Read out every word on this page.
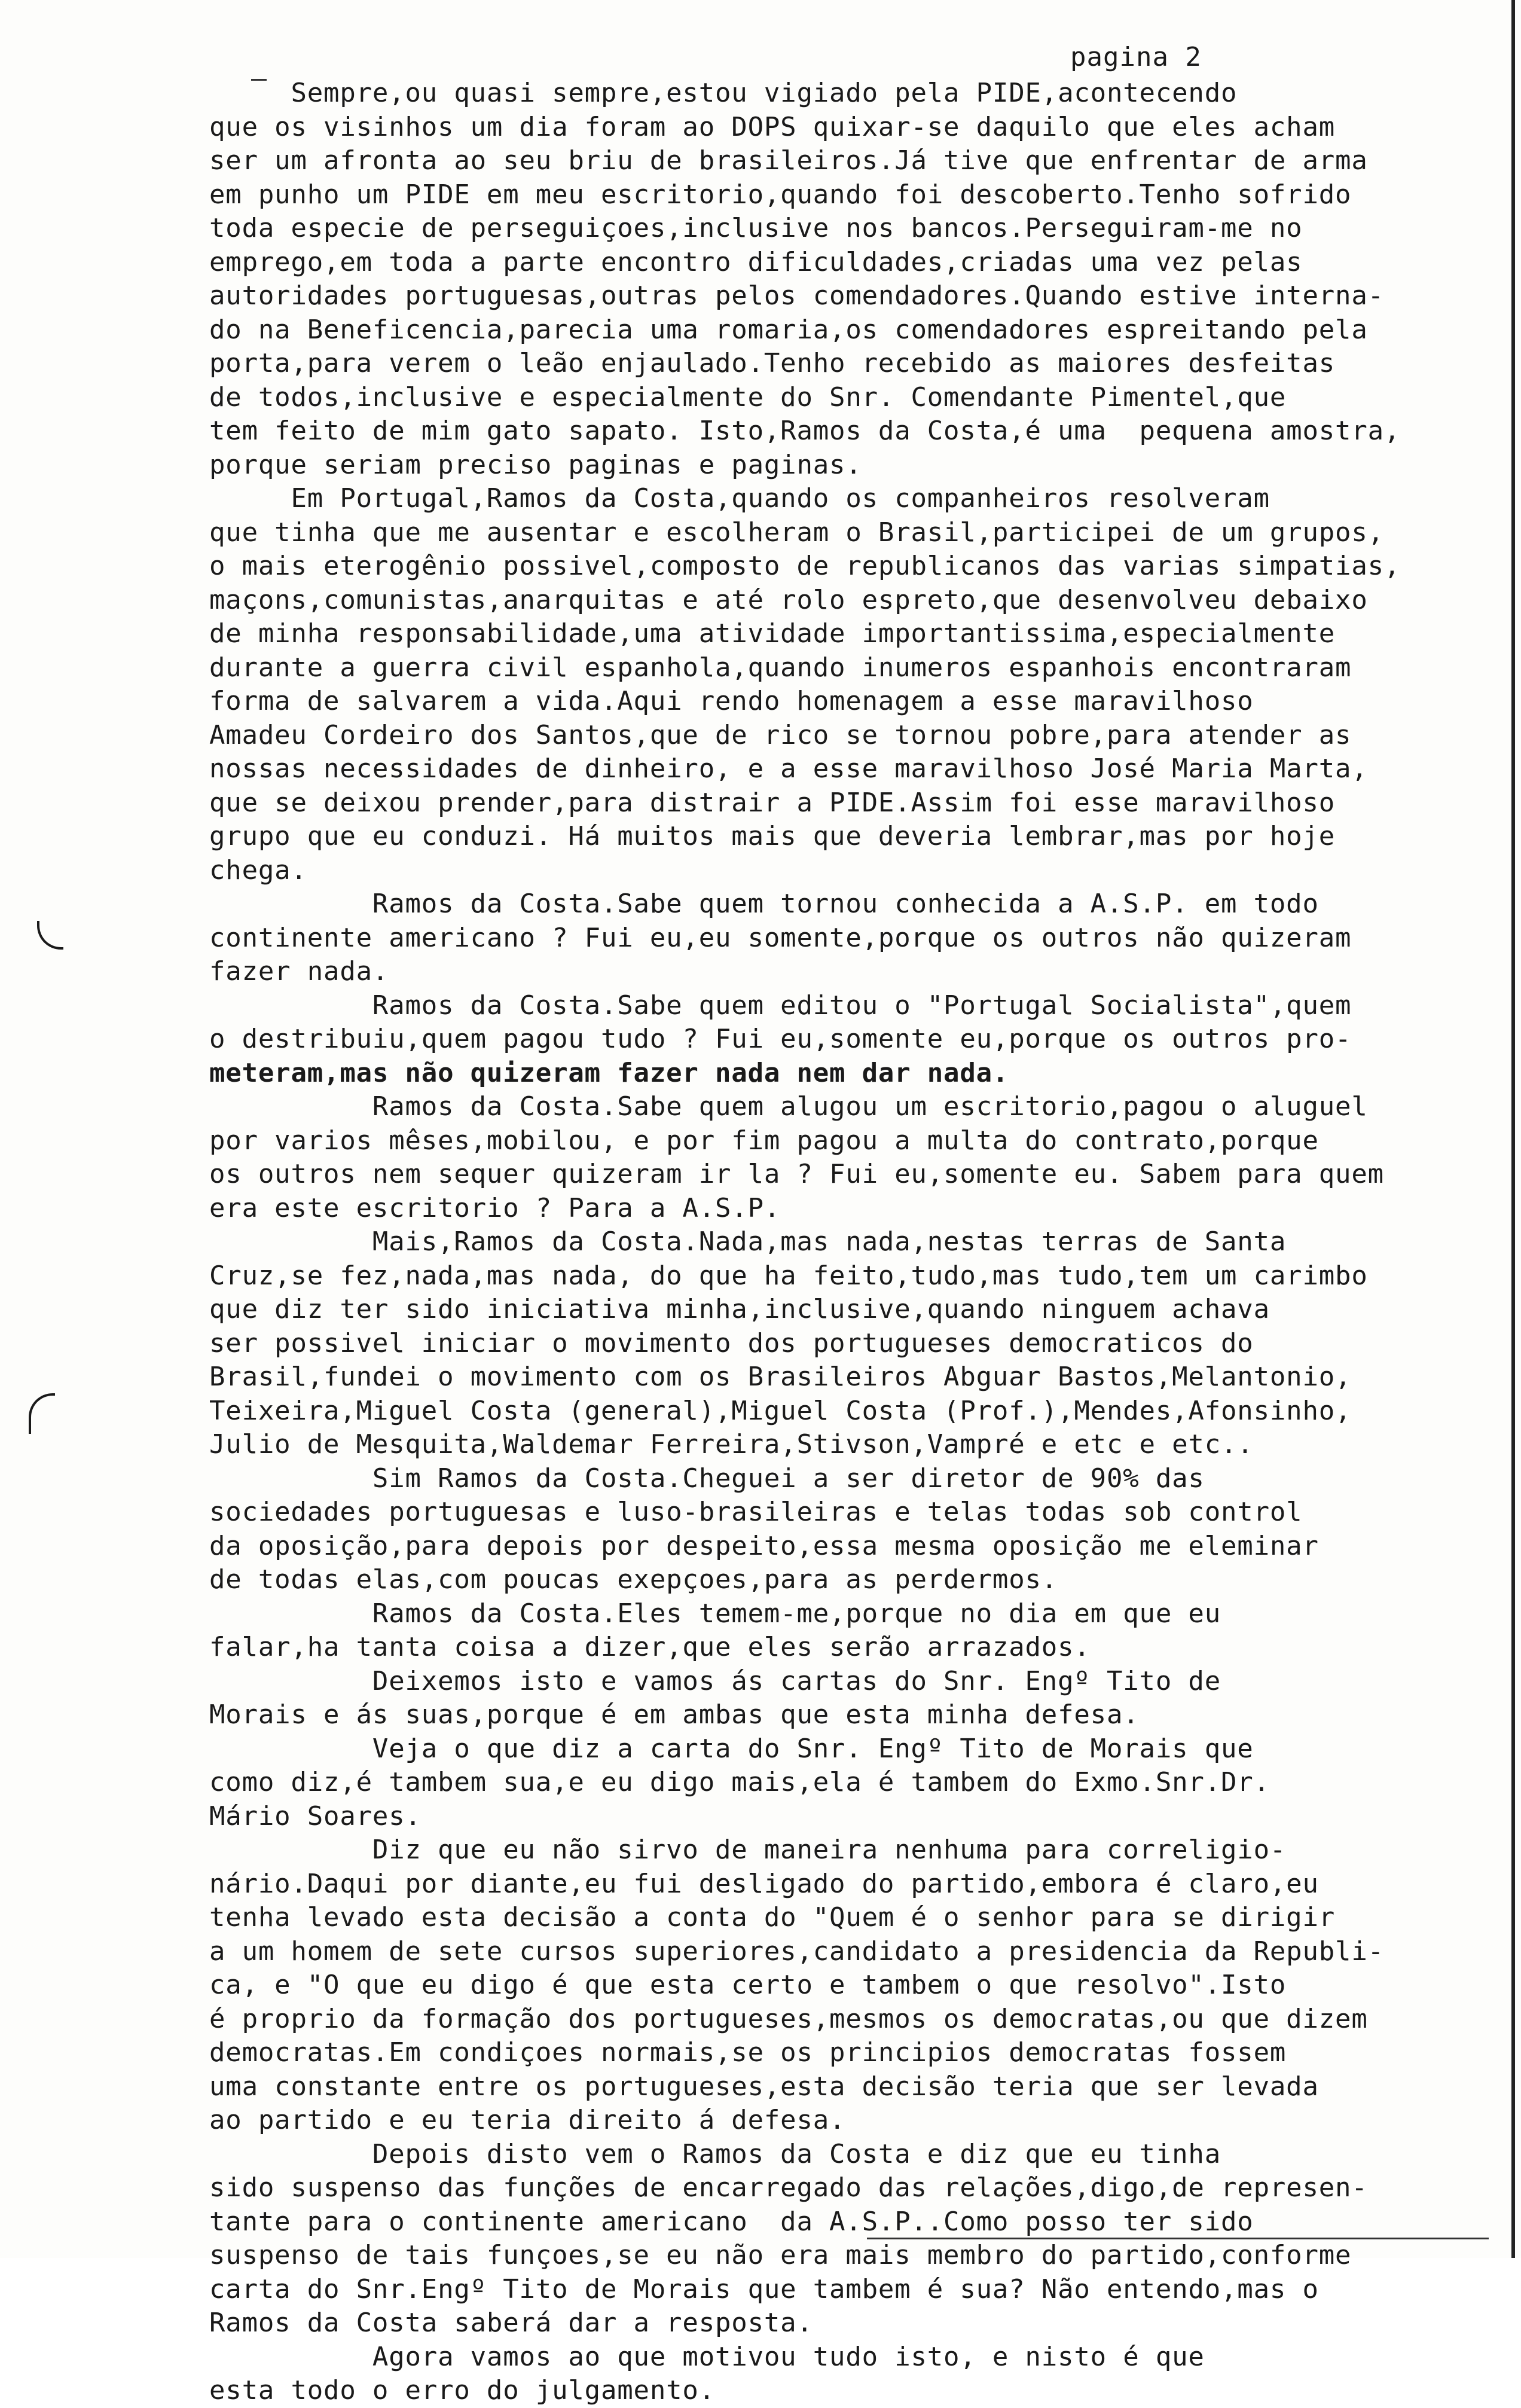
pagina 2
Sempre,ou quasi sempre,estou vigiado pela PIDE,acontecendo
que os visinhos um dia foram ao DOPS quixar-se daquilo que eles acham
ser um afronta ao seu briu de brasileiros.Já tive que enfrentar de arma
em punho um PIDE em meu escritorio,quando foi descoberto.Tenho sofrido
toda especie de perseguiçoes,inclusive nos bancos.Perseguiram-me no
emprego,em toda a parte encontro dificuldades,criadas uma vez pelas
autoridades portuguesas,outras pelos comendadores.Quando estive interna-
do na Beneficencia,parecia uma romaria,os comendadores espreitando pela
porta,para verem o leão enjaulado.Tenho recebido as maiores desfeitas
de todos,inclusive e especialmente do Snr. Comendante Pimentel,que
tem feito de mim gato sapato. Isto,Ramos da Costa,é uma  pequena amostra,
porque seriam preciso paginas e paginas.
Em Portugal,Ramos da Costa,quando os companheiros resolveram
que tinha que me ausentar e escolheram o Brasil,participei de um grupos,
o mais eterogênio possivel,composto de republicanos das varias simpatias,
maçons,comunistas,anarquitas e até rolo espreto,que desenvolveu debaixo
de minha responsabilidade,uma atividade importantissima,especialmente
durante a guerra civil espanhola,quando inumeros espanhois encontraram
forma de salvarem a vida.Aqui rendo homenagem a esse maravilhoso
Amadeu Cordeiro dos Santos,que de rico se tornou pobre,para atender as
nossas necessidades de dinheiro, e a esse maravilhoso José Maria Marta,
que se deixou prender,para distrair a PIDE.Assim foi esse maravilhoso
grupo que eu conduzi. Há muitos mais que deveria lembrar,mas por hoje
chega.
Ramos da Costa.Sabe quem tornou conhecida a A.S.P. em todo
continente americano ? Fui eu,eu somente,porque os outros não quizeram
fazer nada.
Ramos da Costa.Sabe quem editou o "Portugal Socialista",quem
o destribuiu,quem pagou tudo ? Fui eu,somente eu,porque os outros pro-
meteram,mas não quizeram fazer nada nem dar nada.
Ramos da Costa.Sabe quem alugou um escritorio,pagou o aluguel
por varios mêses,mobilou, e por fim pagou a multa do contrato,porque
os outros nem sequer quizeram ir la ? Fui eu,somente eu. Sabem para quem
era este escritorio ? Para a A.S.P.
Mais,Ramos da Costa.Nada,mas nada,nestas terras de Santa
Cruz,se fez,nada,mas nada, do que ha feito,tudo,mas tudo,tem um carimbo
que diz ter sido iniciativa minha,inclusive,quando ninguem achava
ser possivel iniciar o movimento dos portugueses democraticos do
Brasil,fundei o movimento com os Brasileiros Abguar Bastos,Melantonio,
Teixeira,Miguel Costa (general),Miguel Costa (Prof.),Mendes,Afonsinho,
Julio de Mesquita,Waldemar Ferreira,Stivson,Vampré e etc e etc..
Sim Ramos da Costa.Cheguei a ser diretor de 90% das
sociedades portuguesas e luso-brasileiras e telas todas sob control
da oposição,para depois por despeito,essa mesma oposição me eleminar
de todas elas,com poucas exepçoes,para as perdermos.
Ramos da Costa.Eles temem-me,porque no dia em que eu
falar,ha tanta coisa a dizer,que eles serão arrazados.
Deixemos isto e vamos ás cartas do Snr. Engº Tito de
Morais e ás suas,porque é em ambas que esta minha defesa.
Veja o que diz a carta do Snr. Engº Tito de Morais que
como diz,é tambem sua,e eu digo mais,ela é tambem do Exmo.Snr.Dr.
Mário Soares.
Diz que eu não sirvo de maneira nenhuma para correligio-
nário.Daqui por diante,eu fui desligado do partido,embora é claro,eu
tenha levado esta decisão a conta do "Quem é o senhor para se dirigir
a um homem de sete cursos superiores,candidato a presidencia da Republi-
ca, e "O que eu digo é que esta certo e tambem o que resolvo".Isto
é proprio da formação dos portugueses,mesmos os democratas,ou que dizem
democratas.Em condiçoes normais,se os principios democratas fossem
uma constante entre os portugueses,esta decisão teria que ser levada
ao partido e eu teria direito á defesa.
Depois disto vem o Ramos da Costa e diz que eu tinha
sido suspenso das funções de encarregado das relações,digo,de represen-
tante para o continente americano  da A.S.P..Como posso ter sido
suspenso de tais funçoes,se eu não era mais membro do partido,conforme
carta do Snr.Engº Tito de Morais que tambem é sua? Não entendo,mas o
Ramos da Costa saberá dar a resposta.
Agora vamos ao que motivou tudo isto, e nisto é que
esta todo o erro do julgamento.
